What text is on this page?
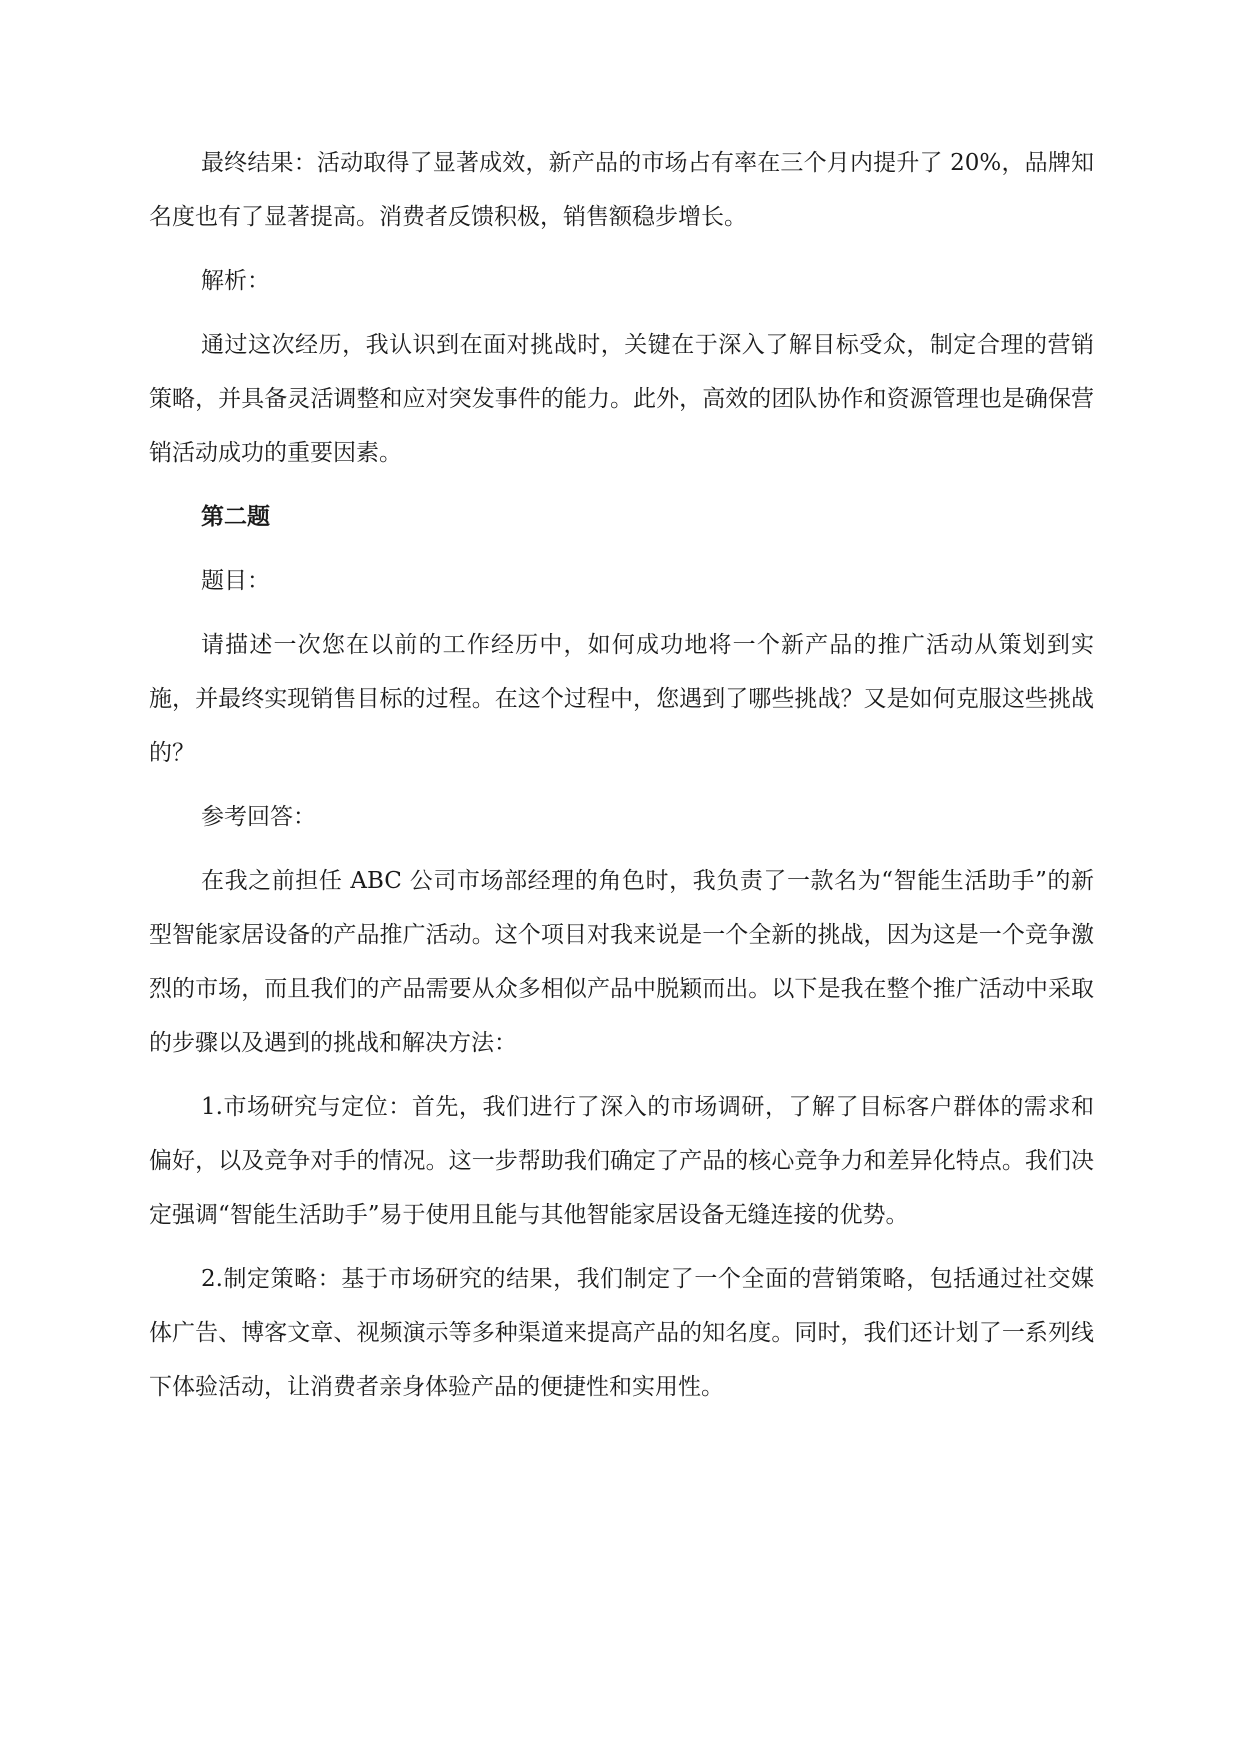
最终结果：活动取得了显著成效，新产品的市场占有率在三个月内提升了 20%，品牌知名度也有了显著提高。消费者反馈积极，销售额稳步增长。

解析：

通过这次经历，我认识到在面对挑战时，关键在于深入了解目标受众，制定合理的营销策略，并具备灵活调整和应对突发事件的能力。此外，高效的团队协作和资源管理也是确保营销活动成功的重要因素。

第二题

题目：

请描述一次您在以前的工作经历中，如何成功地将一个新产品的推广活动从策划到实施，并最终实现销售目标的过程。在这个过程中，您遇到了哪些挑战？又是如何克服这些挑战的？

参考回答：

在我之前担任 ABC 公司市场部经理的角色时，我负责了一款名为“智能生活助手”的新型智能家居设备的产品推广活动。这个项目对我来说是一个全新的挑战，因为这是一个竞争激烈的市场，而且我们的产品需要从众多相似产品中脱颖而出。以下是我在整个推广活动中采取的步骤以及遇到的挑战和解决方法：

1.市场研究与定位：首先，我们进行了深入的市场调研，了解了目标客户群体的需求和偏好，以及竞争对手的情况。这一步帮助我们确定了产品的核心竞争力和差异化特点。我们决定强调“智能生活助手”易于使用且能与其他智能家居设备无缝连接的优势。

2.制定策略：基于市场研究的结果，我们制定了一个全面的营销策略，包括通过社交媒体广告、博客文章、视频演示等多种渠道来提高产品的知名度。同时，我们还计划了一系列线下体验活动，让消费者亲身体验产品的便捷性和实用性。
